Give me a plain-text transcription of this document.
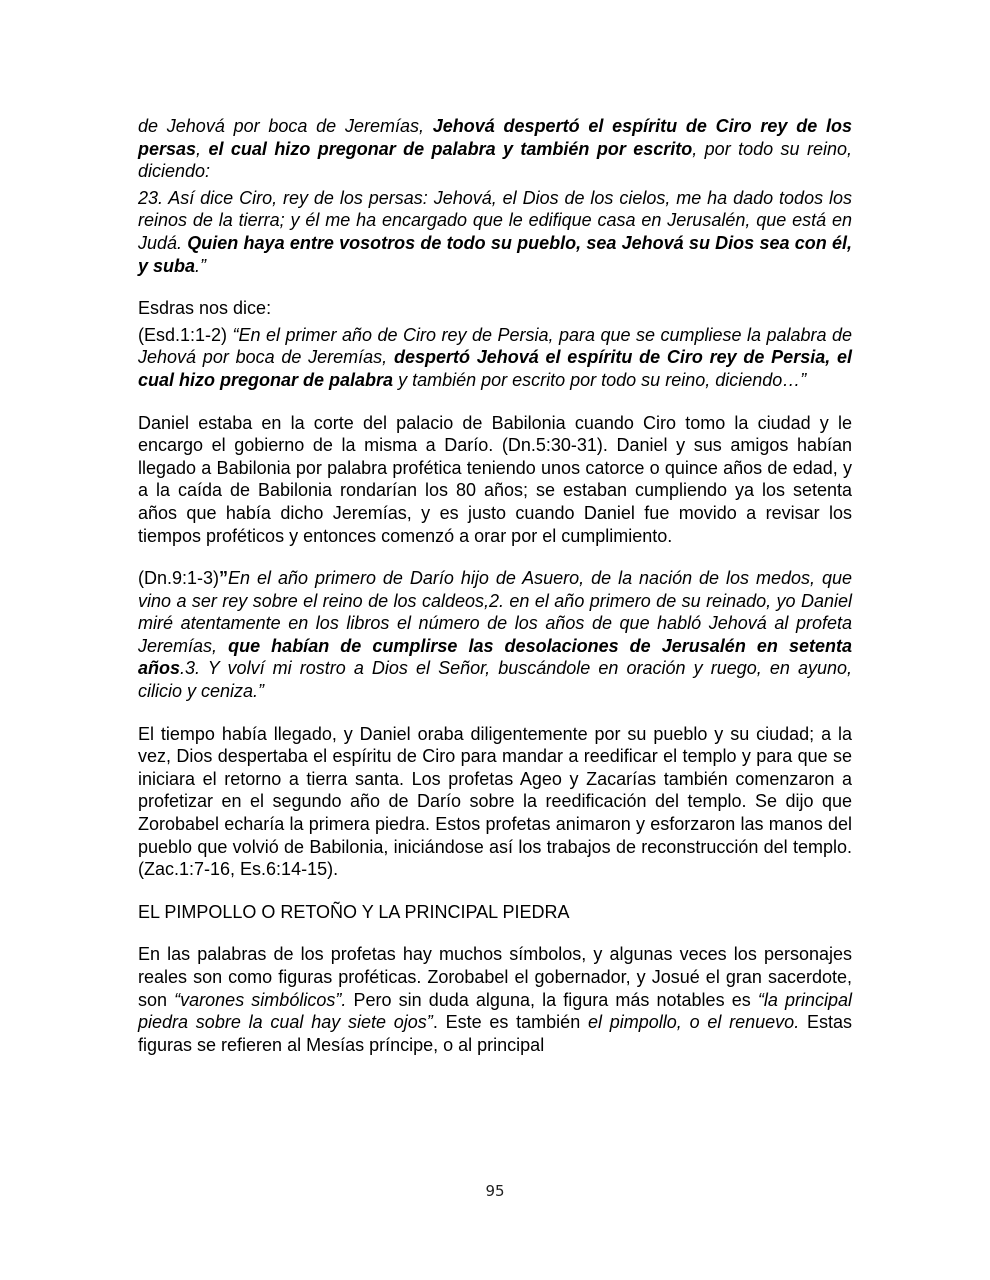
de Jehová por boca de Jeremías, Jehová despertó el espíritu de Ciro rey de los persas, el cual hizo pregonar de palabra y también por escrito, por todo su reino, diciendo:

23. Así dice Ciro, rey de los persas: Jehová, el Dios de los cielos, me ha dado todos los reinos de la tierra; y él me ha encargado que le edifique casa en Jerusalén, que está en Judá. Quien haya entre vosotros de todo su pueblo, sea Jehová su Dios sea con él, y suba.”

Esdras nos dice:

(Esd.1:1-2) “En el primer año de Ciro rey de Persia, para que se cumpliese la palabra de Jehová por boca de Jeremías, despertó Jehová el espíritu de Ciro rey de Persia, el cual hizo pregonar de palabra y también por escrito por todo su reino, diciendo…”

Daniel estaba en la corte del palacio de Babilonia cuando Ciro tomo la ciudad y le encargo el gobierno de la misma a Darío. (Dn.5:30-31). Daniel y sus amigos habían llegado a Babilonia por palabra profética teniendo unos catorce o quince años de edad, y a la caída de Babilonia rondarían los 80 años; se estaban cumpliendo ya los setenta años que había dicho Jeremías, y es justo cuando Daniel fue movido a revisar los tiempos proféticos y entonces comenzó a orar por el cumplimiento.

(Dn.9:1-3)”En el año primero de Darío hijo de Asuero, de la nación de los medos, que vino a ser rey sobre el reino de los caldeos,2. en el año primero de su reinado, yo Daniel miré atentamente en los libros el número de los años de que habló Jehová al profeta Jeremías, que habían de cumplirse las desolaciones de Jerusalén en setenta años.3. Y volví mi rostro a Dios el Señor, buscándole en oración y ruego, en ayuno, cilicio y ceniza.”

El tiempo había llegado, y Daniel oraba diligentemente por su pueblo y su ciudad; a la vez, Dios despertaba el espíritu de Ciro para mandar a reedificar el templo y para que se iniciara el retorno a tierra santa. Los profetas Ageo y Zacarías también comenzaron a profetizar en el segundo año de Darío sobre la reedificación del templo. Se dijo que Zorobabel echaría la primera piedra. Estos profetas animaron y esforzaron las manos del pueblo que volvió de Babilonia, iniciándose así los trabajos de reconstrucción del templo. (Zac.1:7-16, Es.6:14-15).

EL PIMPOLLO O RETOÑO Y LA PRINCIPAL PIEDRA

En las palabras de los profetas hay muchos símbolos, y algunas veces los personajes reales son como figuras proféticas. Zorobabel el gobernador, y Josué el gran sacerdote, son “varones simbólicos”. Pero sin duda alguna, la figura más notables es “la principal piedra sobre la cual hay siete ojos”. Este es también el pimpollo, o el renuevo. Estas figuras se refieren al Mesías príncipe, o al principal

95
